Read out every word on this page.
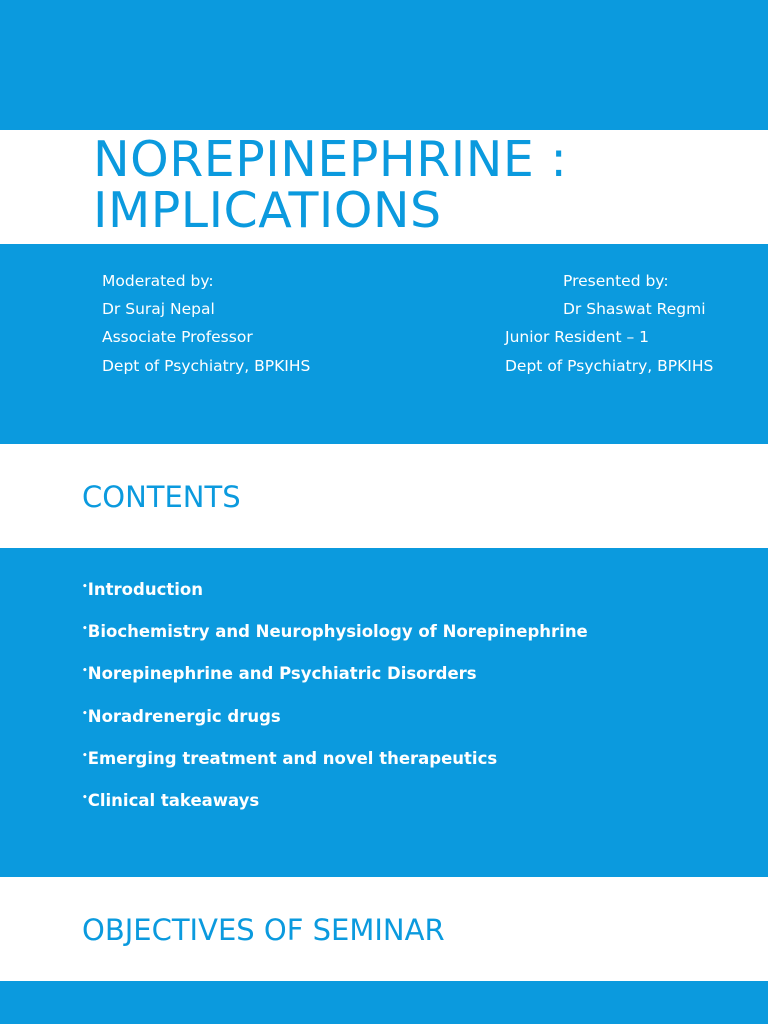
NOREPINEPHRINE :
IMPLICATIONS
Moderated by:
Dr Suraj Nepal
Associate Professor
Dept of Psychiatry, BPKIHS
Presented by:
Dr Shaswat Regmi
Junior Resident – 1
Dept of Psychiatry, BPKIHS
CONTENTS
•Introduction
•Biochemistry and Neurophysiology of Norepinephrine
•Norepinephrine and Psychiatric Disorders
•Noradrenergic drugs
•Emerging treatment and novel therapeutics
•Clinical takeaways
OBJECTIVES OF SEMINAR
